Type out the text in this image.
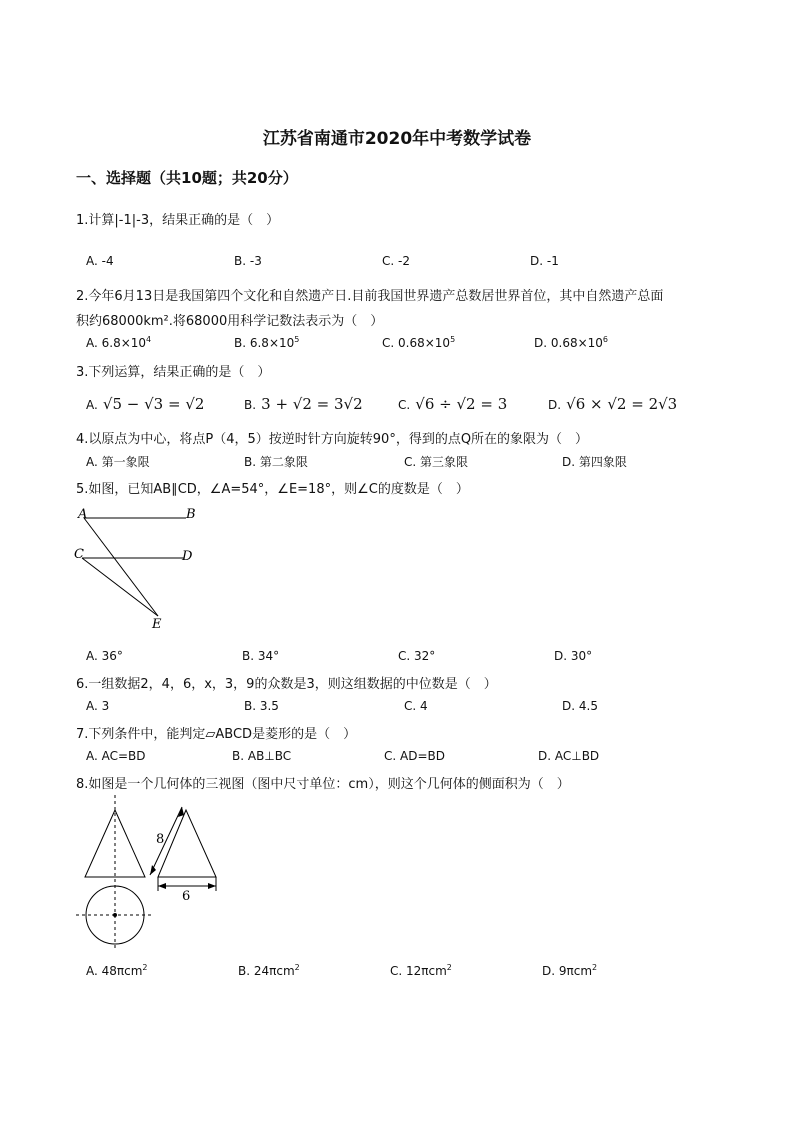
江苏省南通市2020年中考数学试卷
一、选择题（共10题；共20分）
1.计算|-1|-3，结果正确的是（　）
A. -4	B. -3	C. -2	D. -1
2.今年6月13日是我国第四个文化和自然遗产日.目前我国世界遗产总数居世界首位，其中自然遗产总面
积约68000km².将68000用科学记数法表示为（　）
A. $6.8\times 10^4$	B. $6.8\times 10^5$	C. $0.68\times 10^5$	D. $0.68\times 10^6$
3.下列运算，结果正确的是（　）
A. √5 − √3 = √2	B. 3 + √2 = 3√2	C. √6 ÷ √2 = 3	D. √6 × √2 = 2√3
4.以原点为中心，将点P（4，5）按逆时针方向旋转90°，得到的点Q所在的象限为（　）
A. 第一象限	B. 第二象限	C. 第三象限	D. 第四象限
5.如图，已知AB∥CD，∠A=54°，∠E=18°，则∠C的度数是（　）
A	B
C	D
E
A. 36°	B. 34°	C. 32°	D. 30°
6.一组数据2，4，6，x，3，9的众数是3，则这组数据的中位数是（　）
A. 3	B. 3.5	C. 4	D. 4.5
7.下列条件中，能判定▱ABCD是菱形的是（　）
A. AC=BD	B. AB⊥BC	C. AD=BD	D. AC⊥BD
8.如图是一个几何体的三视图（图中尺寸单位：cm），则这个几何体的侧面积为（　）
8
6
A. 48πcm$^2$	B. 24πcm$^2$	C. 12πcm$^2$	D. 9πcm$^2$
